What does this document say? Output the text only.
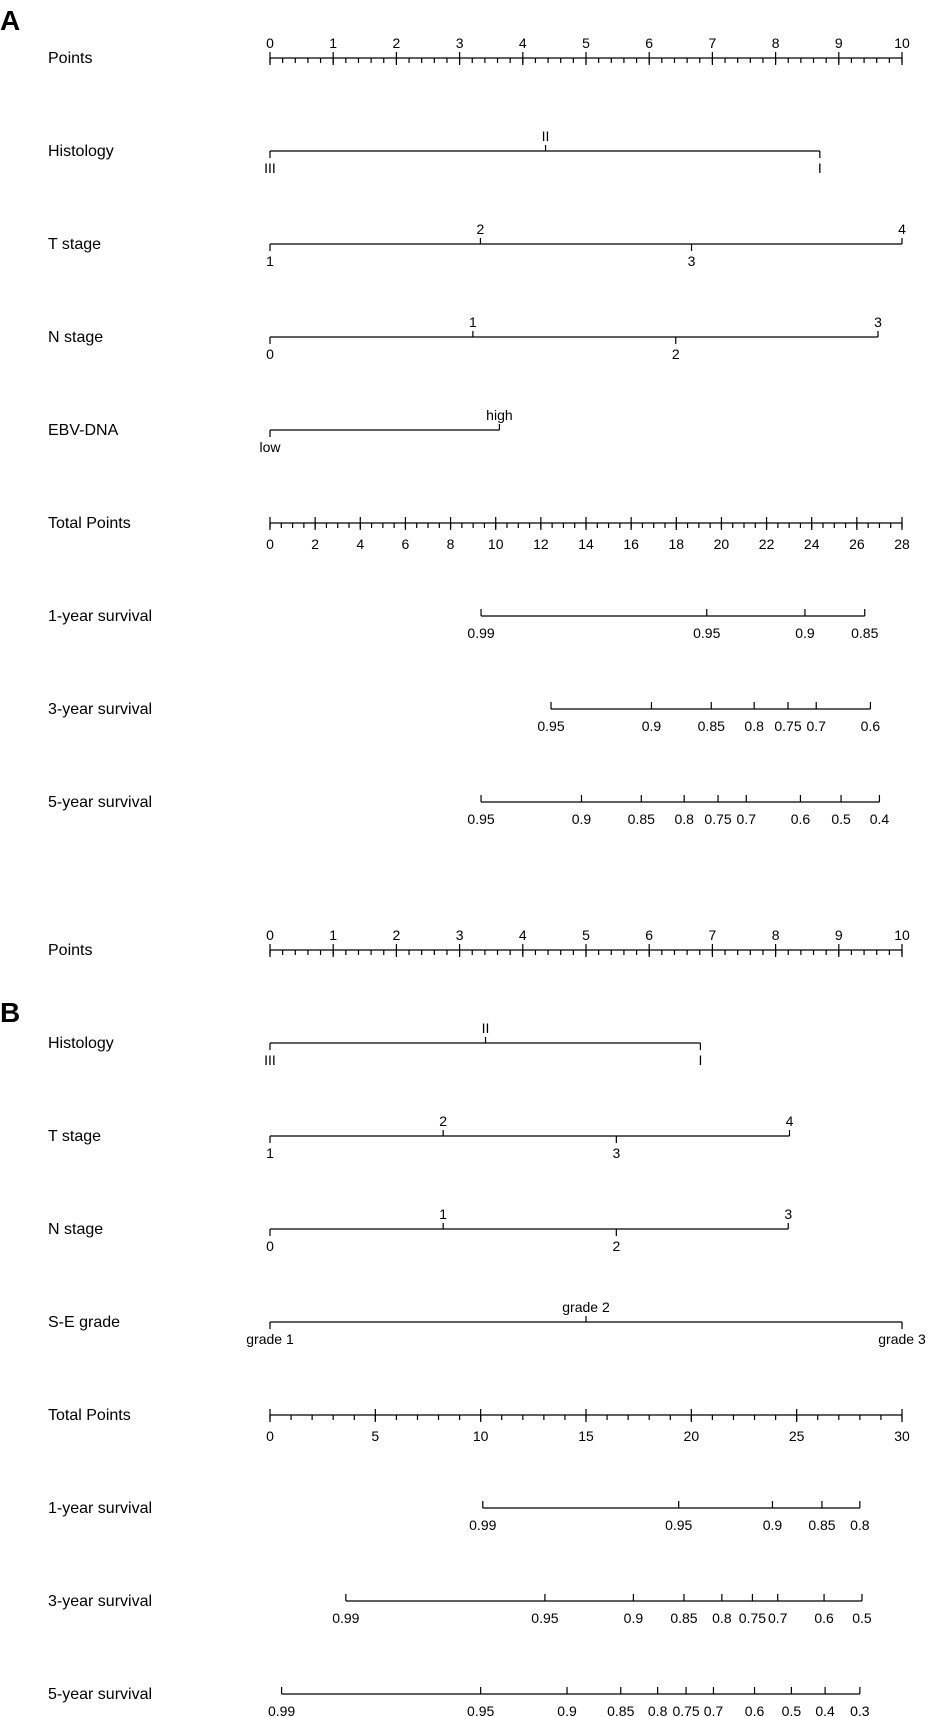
A
B
Points
0	1	2	3	4	5	6	7	8	9	10
Histology
III
II
I
T stage
1
2
3
4
N stage
0
1
2
3
EBV-DNA
low
high
Total Points
0	2	4	6	8 10 12 14 16 18 20 22 24 26 28
1-year survival
0.99	0.95	0.9	0.85
3-year survival
0.95	0.9	0.85 0.8 0.75 0.7 0.6
5-year survival
0.95	0.9	0.85 0.8 0.75 0.7 0.6 0.5 0.4
Points
0	1	2	3	4	5	6	7	8	9	10
Histology
III
II
I
T stage
1
2
3
4
N stage
0
1
2
3
S-E grade
grade 1
grade 2
grade 3
Total Points
0	5	10	15	20	25	30
1-year survival
0.99	0.95	0.9 0.85 0.8
3-year survival
0.99	0.95	0.9 0.85 0.8 0.75 0.7 0.6 0.5
5-year survival
0.99	0.95	0.9 0.85 0.8 0.75 0.7 0.6 0.5 0.4 0.3
